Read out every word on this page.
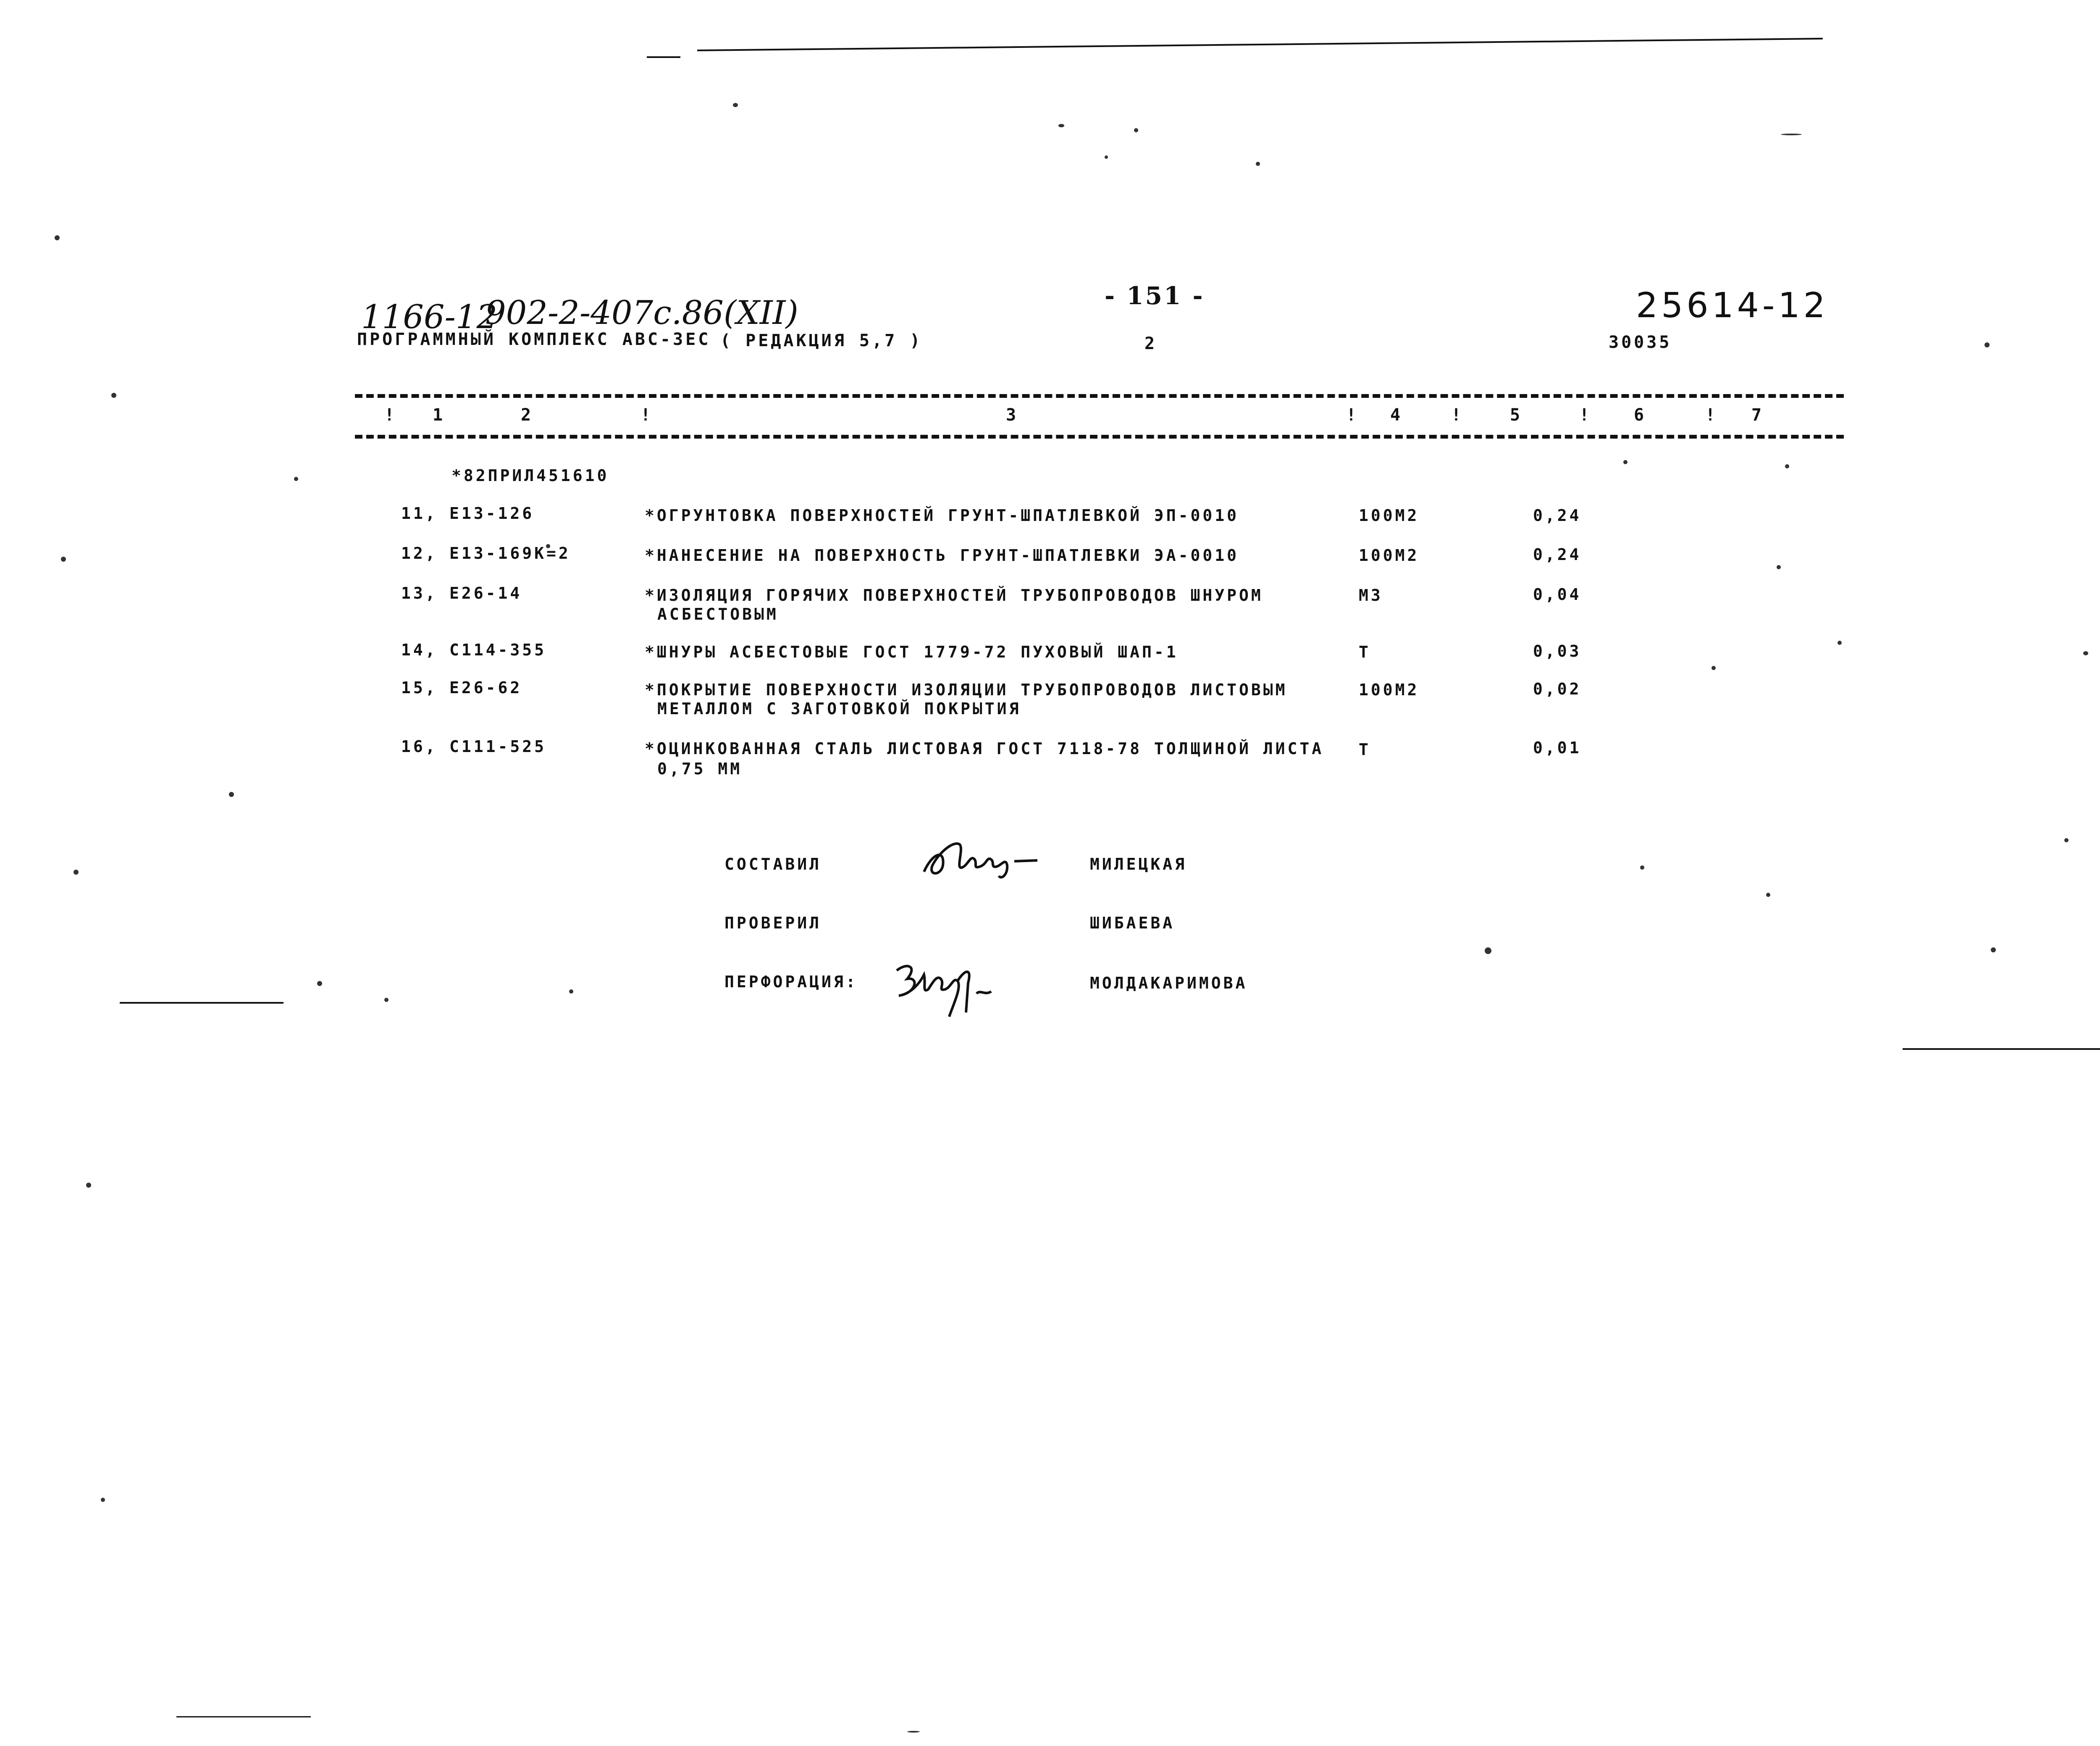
1166-12
902-2-407c.86(XII)	25614-12
ПРОГРАММНЫЙ КОМПЛЕКС АВС-ЗЕС ( РЕДАКЦИЯ 5,7 )
- 151 -
2	30035
1	2	3	4	5	6	7
!	!	!	!	!	!
*82ПРИЛ451610
11, Е13-126	*ОГРУНТОВКА ПОВЕРХНОСТЕЙ ГРУНТ-ШПАТЛЕВКОЙ ЭП-0010	100М2	0,24
12, Е13-169К=2	*НАНЕСЕНИЕ НА ПОВЕРХНОСТЬ ГРУНТ-ШПАТЛЕВКИ ЭА-0010	100М2	0,24
13, Е26-14	*ИЗОЛЯЦИЯ ГОРЯЧИХ ПОВЕРХНОСТЕЙ ТРУБОПРОВОДОВ ШНУРОМ
АСБЕСТОВЫМ
М3	0,04
14, С114-355	*ШНУРЫ АСБЕСТОВЫЕ ГОСТ 1779-72 ПУХОВЫЙ ШАП-1	Т	0,03
15, Е26-62	*ПОКРЫТИЕ ПОВЕРХНОСТИ ИЗОЛЯЦИИ ТРУБОПРОВОДОВ ЛИСТОВЫМ
МЕТАЛЛОМ С ЗАГОТОВКОЙ ПОКРЫТИЯ
100М2	0,02
16, С111-525	*ОЦИНКОВАННАЯ СТАЛЬ ЛИСТОВАЯ ГОСТ 7118-78 ТОЛЩИНОЙ ЛИСТА
0,75 ММ
Т	0,01
СОСТАВИЛ	МИЛЕЦКАЯ
ПРОВЕРИЛ	ШИБАЕВА
ПЕРФОРАЦИЯ:	МОЛДАКАРИМОВА
